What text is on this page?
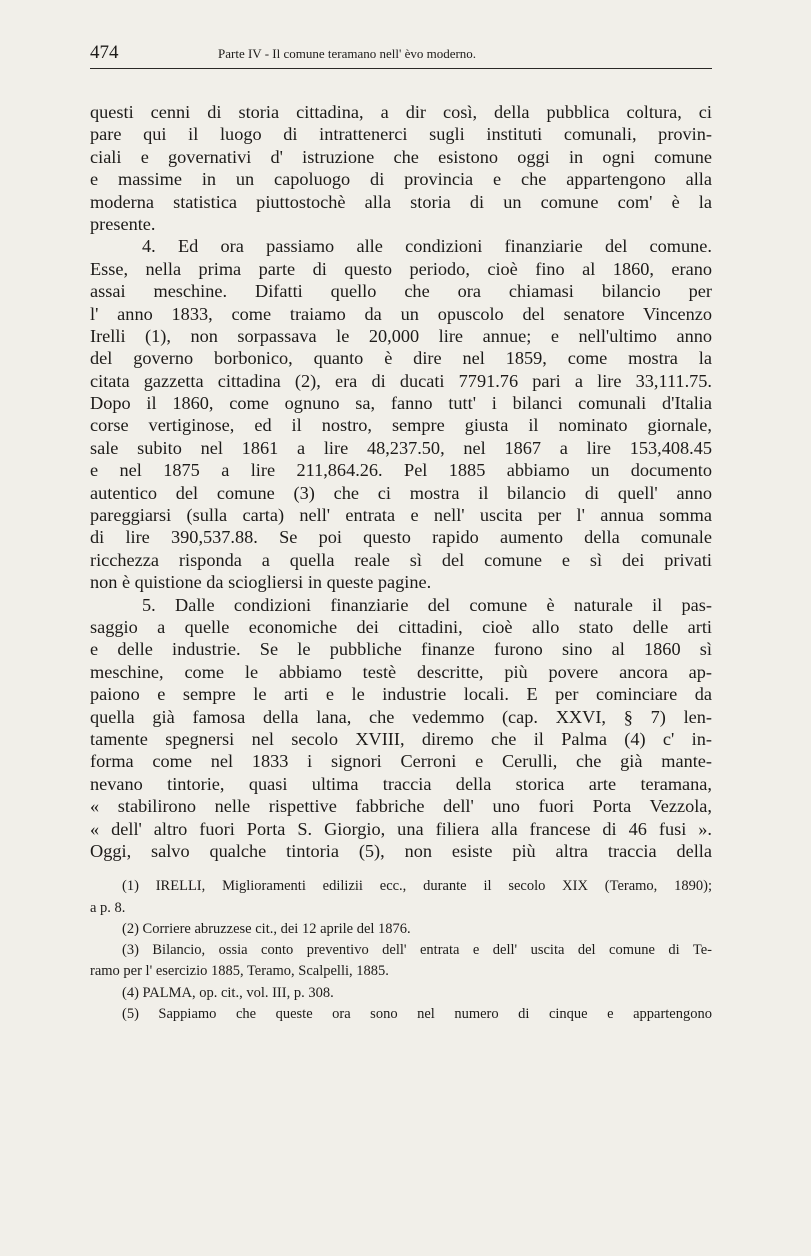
474	Parte IV - Il comune teramano nell' èvo moderno.
questi cenni di storia cittadina, a dir così, della pubblica coltura, ci
pare qui il luogo di intrattenerci sugli instituti comunali, provin-
ciali e governativi d' istruzione che esistono oggi in ogni comune
e massime in un capoluogo di provincia e che appartengono alla
moderna statistica piuttostochè alla storia di un comune com' è la
presente.
4. Ed ora passiamo alle condizioni finanziarie del comune.
Esse, nella prima parte di questo periodo, cioè fino al 1860, erano
assai meschine. Difatti quello che ora chiamasi bilancio per
l' anno 1833, come traiamo da un opuscolo del senatore Vincenzo
Irelli (1), non sorpassava le 20,000 lire annue; e nell'ultimo anno
del governo borbonico, quanto è dire nel 1859, come mostra la
citata gazzetta cittadina (2), era di ducati 7791.76 pari a lire 33,111.75.
Dopo il 1860, come ognuno sa, fanno tutt' i bilanci comunali d'Italia
corse vertiginose, ed il nostro, sempre giusta il nominato giornale,
sale subito nel 1861 a lire 48,237.50, nel 1867 a lire 153,408.45
e nel 1875 a lire 211,864.26. Pel 1885 abbiamo un documento
autentico del comune (3) che ci mostra il bilancio di quell' anno
pareggiarsi (sulla carta) nell' entrata e nell' uscita per l' annua somma
di lire 390,537.88. Se poi questo rapido aumento della comunale
ricchezza risponda a quella reale sì del comune e sì dei privati
non è quistione da sciogliersi in queste pagine.
5. Dalle condizioni finanziarie del comune è naturale il pas-
saggio a quelle economiche dei cittadini, cioè allo stato delle arti
e delle industrie. Se le pubbliche finanze furono sino al 1860 sì
meschine, come le abbiamo testè descritte, più povere ancora ap-
paiono e sempre le arti e le industrie locali. E per cominciare da
quella già famosa della lana, che vedemmo (cap. XXVI, § 7) len-
tamente spegnersi nel secolo XVIII, diremo che il Palma (4) c' in-
forma come nel 1833 i signori Cerroni e Cerulli, che già mante-
nevano tintorie, quasi ultima traccia della storica arte teramana,
« stabilirono nelle rispettive fabbriche dell' uno fuori Porta Vezzola,
« dell' altro fuori Porta S. Giorgio, una filiera alla francese di 46 fusi ».
Oggi, salvo qualche tintoria (5), non esiste più altra traccia della
(1) IRELLI, Miglioramenti edilizii ecc., durante il secolo XIX (Teramo, 1890);
a p. 8.
(2) Corriere abruzzese cit., dei 12 aprile del 1876.
(3) Bilancio, ossia conto preventivo dell' entrata e dell' uscita del comune di Te-
ramo per l' esercizio 1885, Teramo, Scalpelli, 1885.
(4) PALMA, op. cit., vol. III, p. 308.
(5) Sappiamo che queste ora sono nel numero di cinque e appartengono
